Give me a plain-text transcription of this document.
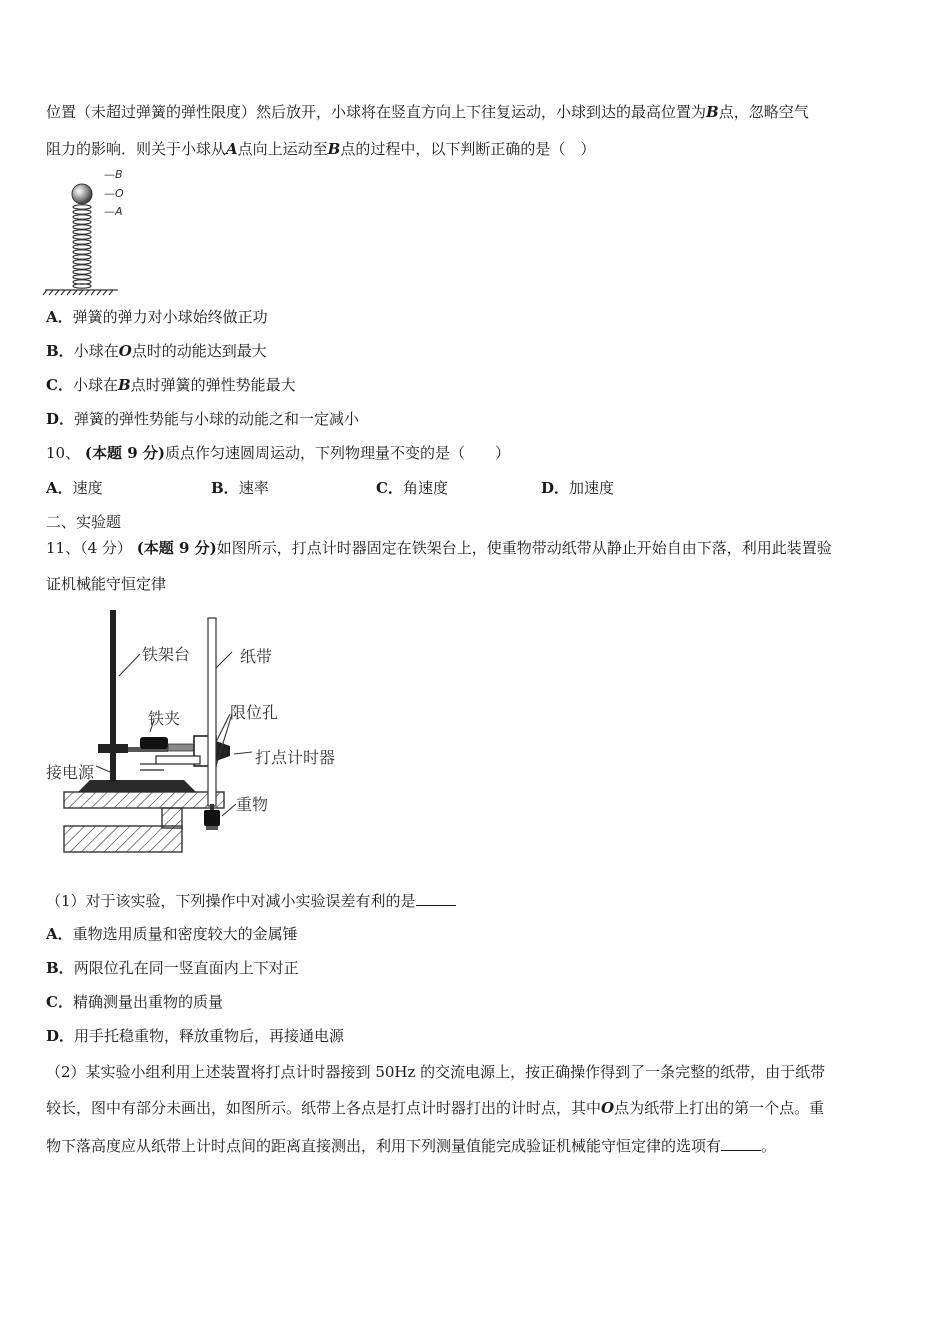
位置（未超过弹簧的弹性限度）然后放开，小球将在竖直方向上下往复运动，小球到达的最高位置为B点，忽略空气
阻力的影响．则关于小球从A点向上运动至B点的过程中，以下判断正确的是（　）
—B
—O
—A
A．弹簧的弹力对小球始终做正功
B．小球在O点时的动能达到最大
C．小球在B点时弹簧的弹性势能最大
D．弹簧的弹性势能与小球的动能之和一定减小
10、 (本题 9 分)质点作匀速圆周运动，下列物理量不变的是（　　）
A．速度	B．速率	C．角速度	D．加速度
二、实验题
11、（4 分） (本题 9 分)如图所示，打点计时器固定在铁架台上，使重物带动纸带从静止开始自由下落，利用此装置验
证机械能守恒定律
铁架台	纸带
铁夹	限位孔
接电源
打点计时器
重物
（1）对于该实验，下列操作中对减小实验误差有利的是
A．重物选用质量和密度较大的金属锤
B．两限位孔在同一竖直面内上下对正
C．精确测量出重物的质量
D．用手托稳重物，释放重物后，再接通电源
（2）某实验小组利用上述装置将打点计时器接到 50Hz 的交流电源上，按正确操作得到了一条完整的纸带，由于纸带
较长，图中有部分未画出，如图所示。纸带上各点是打点计时器打出的计时点，其中O点为纸带上打出的第一个点。重
物下落高度应从纸带上计时点间的距离直接测出，利用下列测量值能完成验证机械能守恒定律的选项有	。
